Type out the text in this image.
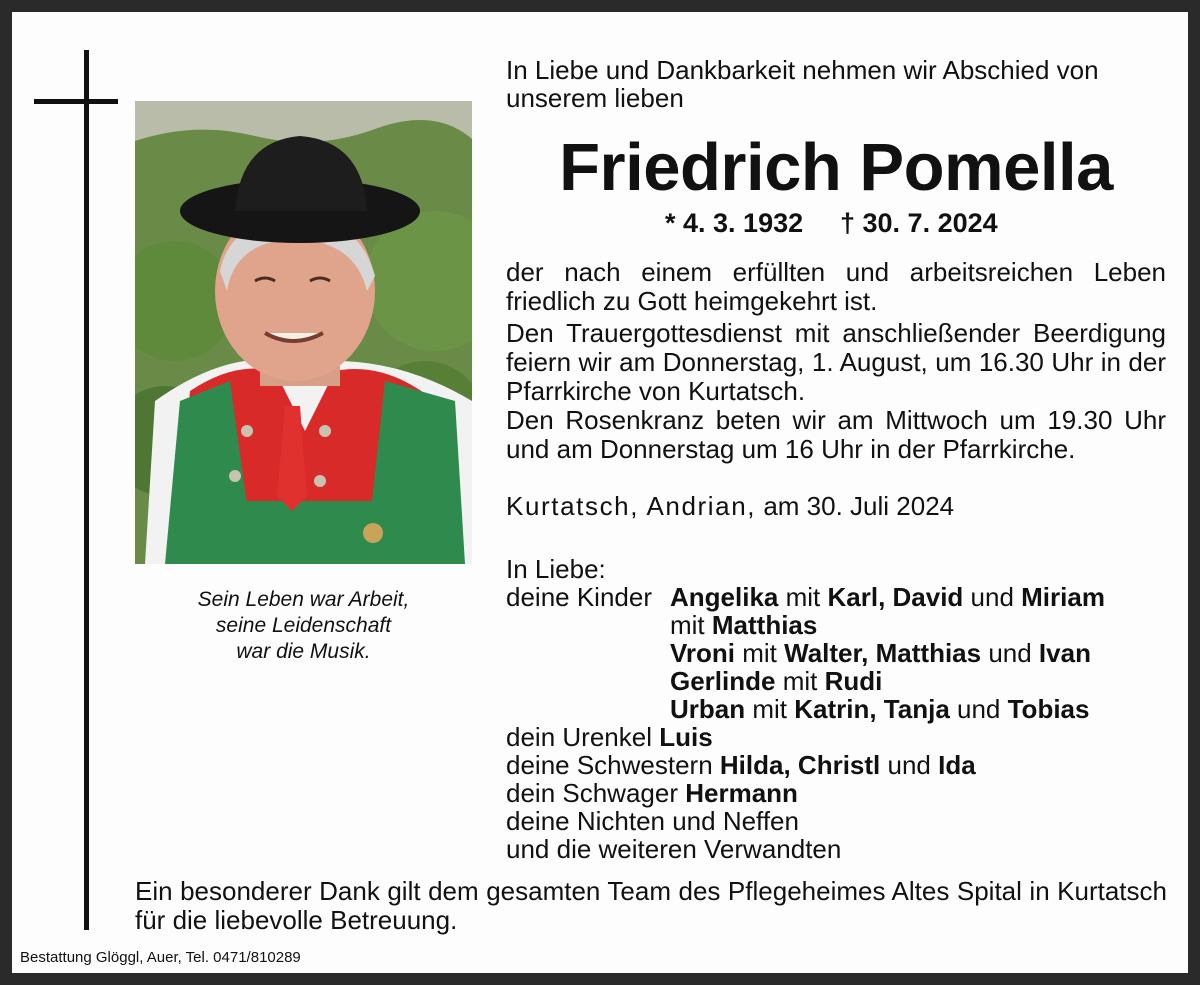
Sein Leben war Arbeit,
seine Leidenschaft
war die Musik.
In Liebe und Dankbarkeit nehmen wir Abschied von
unserem lieben
Friedrich Pomella
* 4. 3. 1932 † 30. 7. 2024
der nach einem erfüllten und arbeitsreichen Leben friedlich zu Gott heimgekehrt ist.
Den Trauergottesdienst mit anschließender Beerdigung feiern wir am Donnerstag, 1. August, um 16.30 Uhr in der Pfarrkirche von Kurtatsch.
Den Rosenkranz beten wir am Mittwoch um 19.30 Uhr und am Donnerstag um 16 Uhr in der Pfarrkirche.
Kurtatsch, Andrian, am 30. Juli 2024
In Liebe:
deine Kinder Angelika mit Karl, David und Miriam
mit Matthias
Vroni mit Walter, Matthias und Ivan
Gerlinde mit Rudi
Urban mit Katrin, Tanja und Tobias
dein Urenkel Luis
deine Schwestern Hilda, Christl und Ida
dein Schwager Hermann
deine Nichten und Neffen
und die weiteren Verwandten
Ein besonderer Dank gilt dem gesamten Team des Pflegeheimes Altes Spital in Kurtatsch für die liebevolle Betreuung.
Bestattung Glöggl, Auer, Tel. 0471/810289
